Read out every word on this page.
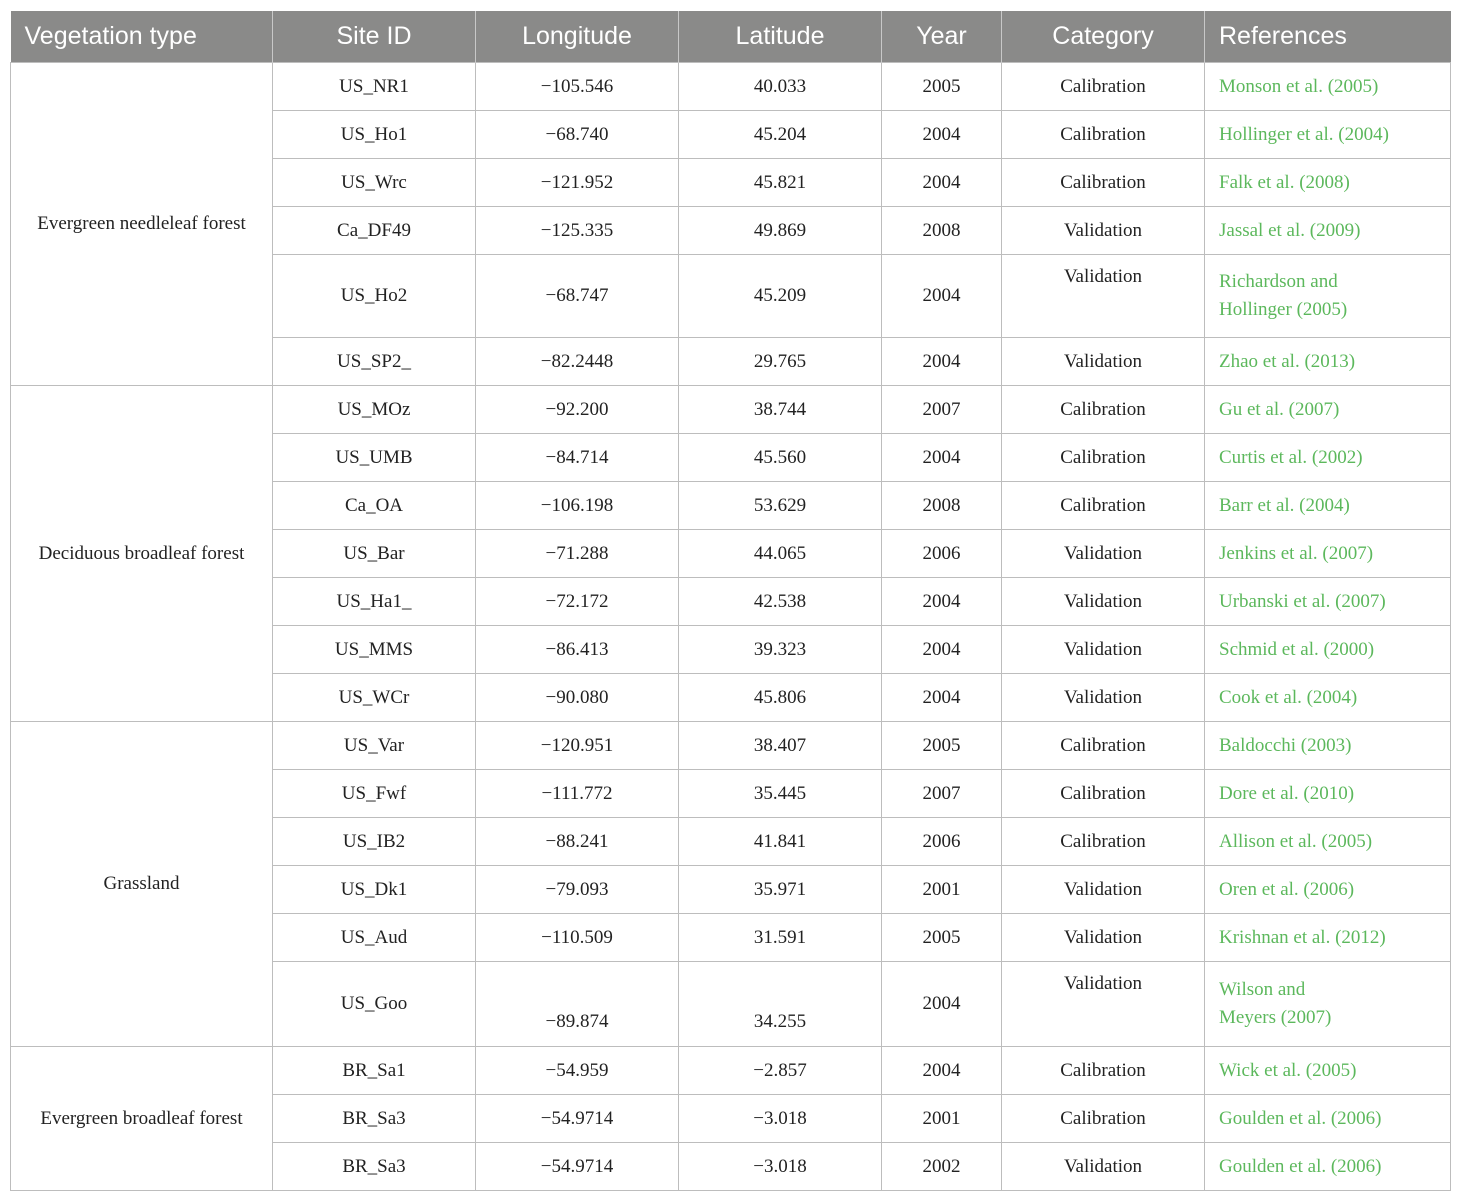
Vegetation type	Site ID	Longitude	Latitude	Year	Category	References
Evergreen needleleaf forest	US_NR1	−105.546	40.033	2005	Calibration	Monson et al. (2005)
	US_Ho1	−68.740	45.204	2004	Calibration	Hollinger et al. (2004)
	US_Wrc	−121.952	45.821	2004	Calibration	Falk et al. (2008)
	Ca_DF49	−125.335	49.869	2008	Validation	Jassal et al. (2009)
	US_Ho2	−68.747	45.209	2004	Validation	Richardson and
Hollinger (2005)
	US_SP2_	−82.2448	29.765	2004	Validation	Zhao et al. (2013)
Deciduous broadleaf forest	US_MOz	−92.200	38.744	2007	Calibration	Gu et al. (2007)
	US_UMB	−84.714	45.560	2004	Calibration	Curtis et al. (2002)
	Ca_OA	−106.198	53.629	2008	Calibration	Barr et al. (2004)
	US_Bar	−71.288	44.065	2006	Validation	Jenkins et al. (2007)
	US_Ha1_	−72.172	42.538	2004	Validation	Urbanski et al. (2007)
	US_MMS	−86.413	39.323	2004	Validation	Schmid et al. (2000)
	US_WCr	−90.080	45.806	2004	Validation	Cook et al. (2004)
Grassland	US_Var	−120.951	38.407	2005	Calibration	Baldocchi (2003)
	US_Fwf	−111.772	35.445	2007	Calibration	Dore et al. (2010)
	US_IB2	−88.241	41.841	2006	Calibration	Allison et al. (2005)
	US_Dk1	−79.093	35.971	2001	Validation	Oren et al. (2006)
	US_Aud	−110.509	31.591	2005	Validation	Krishnan et al. (2012)
	US_Goo	−89.874	34.255	2004	Validation	Wilson and
Meyers (2007)
Evergreen broadleaf forest	BR_Sa1	−54.959	−2.857	2004	Calibration	Wick et al. (2005)
	BR_Sa3	−54.9714	−3.018	2001	Calibration	Goulden et al. (2006)
	BR_Sa3	−54.9714	−3.018	2002	Validation	Goulden et al. (2006)
